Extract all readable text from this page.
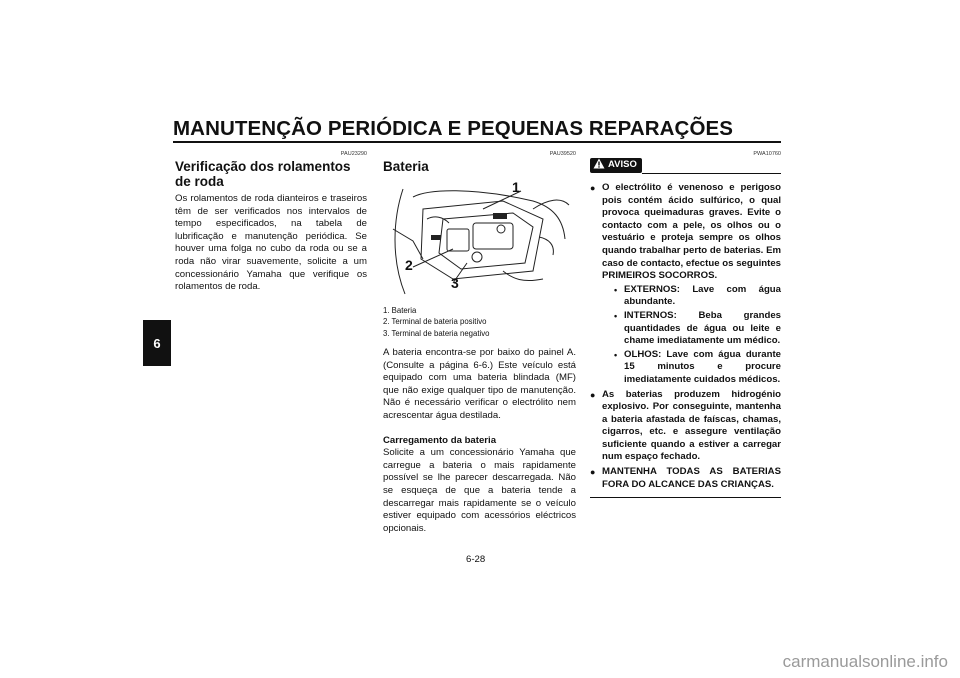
MANUTENÇÃO PERIÓDICA E PEQUENAS REPARAÇÕES
6
PAU23290
Verificação dos rolamentos de roda

Os rolamentos de roda dianteiros e traseiros têm de ser verificados nos intervalos de tempo especificados, na tabela de lubrificação e manutenção periódica. Se houver uma folga no cubo da roda ou se a roda não virar suavemente, solicite a um concessionário Yamaha que verifique os rolamentos de roda.

PAU39520
Bateria
1
2
3
1. Bateria
2. Terminal de bateria positivo
3. Terminal de bateria negativo

A bateria encontra-se por baixo do painel A. (Consulte a página 6-6.) Este veículo está equipado com uma bateria blindada (MF) que não exige qualquer tipo de manutenção. Não é necessário verificar o electrólito nem acrescentar água destilada.

Carregamento da bateria

Solicite a um concessionário Yamaha que carregue a bateria o mais rapidamente possível se lhe parecer descarregada. Não se esqueça de que a bateria tende a descarregar mais rapidamente se o veículo estiver equipado com acessórios eléctricos opcionais.

PWA10760
AVISO
● O electrólito é venenoso e perigoso pois contém ácido sulfúrico, o qual provoca queimaduras graves. Evite o contacto com a pele, os olhos ou o vestuário e proteja sempre os olhos quando trabalhar perto de baterias. Em caso de contacto, efectue os seguintes PRIMEIROS SOCORROS.
• EXTERNOS: Lave com água abundante.
• INTERNOS: Beba grandes quantidades de água ou leite e chame imediatamente um médico.
• OLHOS: Lave com água durante 15 minutos e procure imediatamente cuidados médicos.
● As baterias produzem hidrogénio explosivo. Por conseguinte, mantenha a bateria afastada de faíscas, chamas, cigarros, etc. e assegure ventilação suficiente quando a estiver a carregar num espaço fechado.
● MANTENHA TODAS AS BATERIAS FORA DO ALCANCE DAS CRIANÇAS.
6-28
carmanualsonline.info
